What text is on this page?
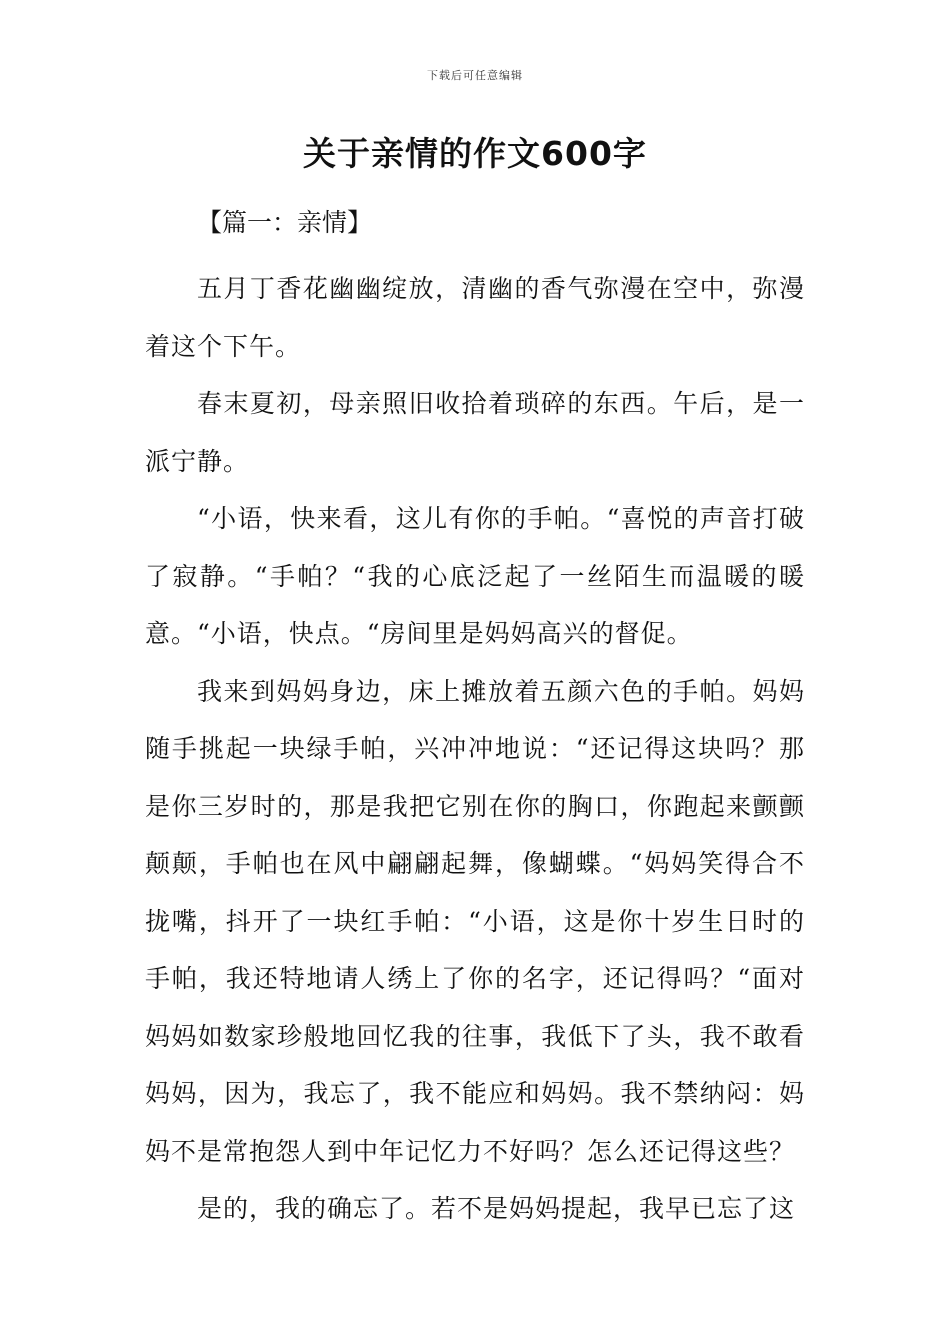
下载后可任意编辑
关于亲情的作文600字
【篇一：亲情】

五月丁香花幽幽绽放，清幽的香气弥漫在空中，弥漫着这个下午。

春末夏初，母亲照旧收拾着琐碎的东西。午后，是一派宁静。

“小语，快来看，这儿有你的手帕。“喜悦的声音打破了寂静。“手帕？“我的心底泛起了一丝陌生而温暖的暖意。“小语，快点。“房间里是妈妈高兴的督促。

我来到妈妈身边，床上摊放着五颜六色的手帕。妈妈随手挑起一块绿手帕，兴冲冲地说：“还记得这块吗？那是你三岁时的，那是我把它别在你的胸口，你跑起来颤颤颠颠，手帕也在风中翩翩起舞，像蝴蝶。“妈妈笑得合不拢嘴，抖开了一块红手帕：“小语，这是你十岁生日时的手帕，我还特地请人绣上了你的名字，还记得吗？“面对妈妈如数家珍般地回忆我的往事，我低下了头，我不敢看妈妈，因为，我忘了，我不能应和妈妈。我不禁纳闷：妈妈不是常抱怨人到中年记忆力不好吗？怎么还记得这些？

是的，我的确忘了。若不是妈妈提起，我早已忘了这
